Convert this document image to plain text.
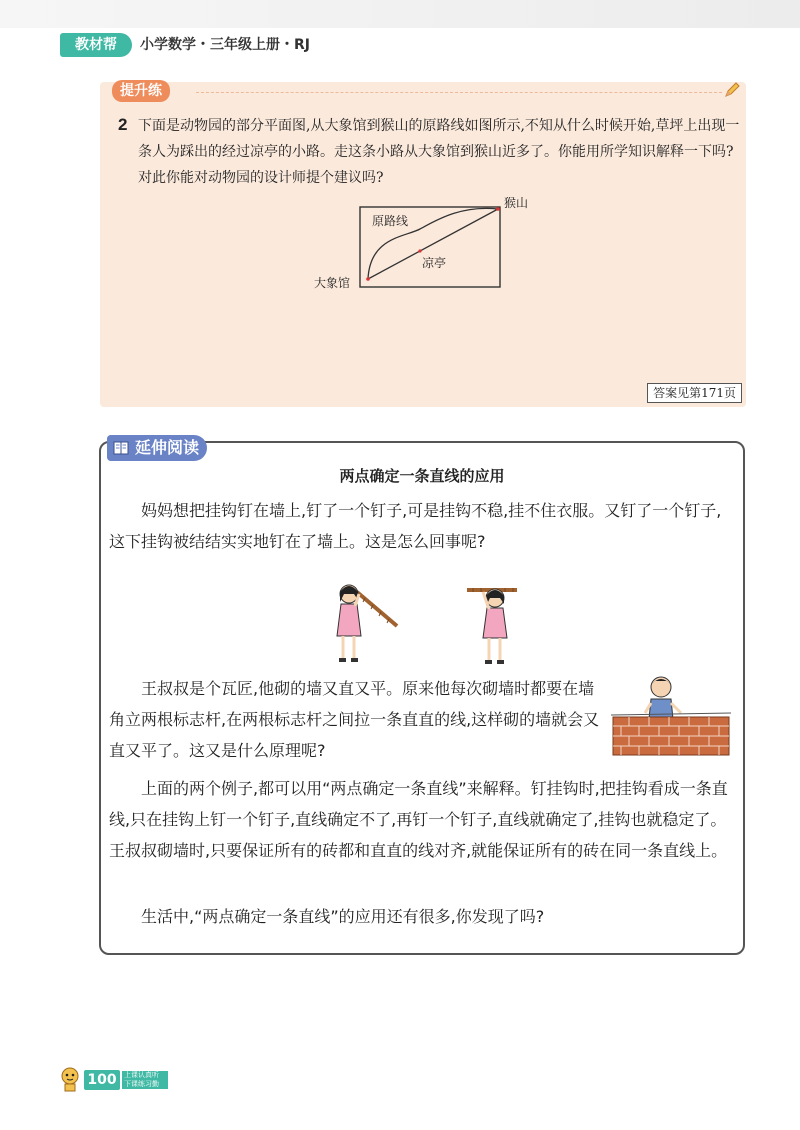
教材帮	小学数学・三年级上册・RJ
提升练
2 下面是动物园的部分平面图,从大象馆到猴山的原路线如图所示,不知从什么时候开始,草坪上出现一条人为踩出的经过凉亭的小路。走这条小路从大象馆到猴山近多了。你能用所学知识解释一下吗?对此你能对动物园的设计师提个建议吗?
原路线
凉亭
大象馆
猴山
答案见第171页
延伸阅读
两点确定一条直线的应用
妈妈想把挂钩钉在墙上,钉了一个钉子,可是挂钩不稳,挂不住衣服。又钉了一个钉子,这下挂钩被结结实实地钉在了墙上。这是怎么回事呢?
王叔叔是个瓦匠,他砌的墙又直又平。原来他每次砌墙时都要在墙角立两根标志杆,在两根标志杆之间拉一条直直的线,这样砌的墙就会又直又平了。这又是什么原理呢?
上面的两个例子,都可以用“两点确定一条直线”来解释。钉挂钩时,把挂钩看成一条直线,只在挂钩上钉一个钉子,直线确定不了,再钉一个钉子,直线就确定了,挂钩也就稳定了。王叔叔砌墙时,只要保证所有的砖都和直直的线对齐,就能保证所有的砖在同一条直线上。
生活中,“两点确定一条直线”的应用还有很多,你发现了吗?
100	上课认真听 下课练习勤
